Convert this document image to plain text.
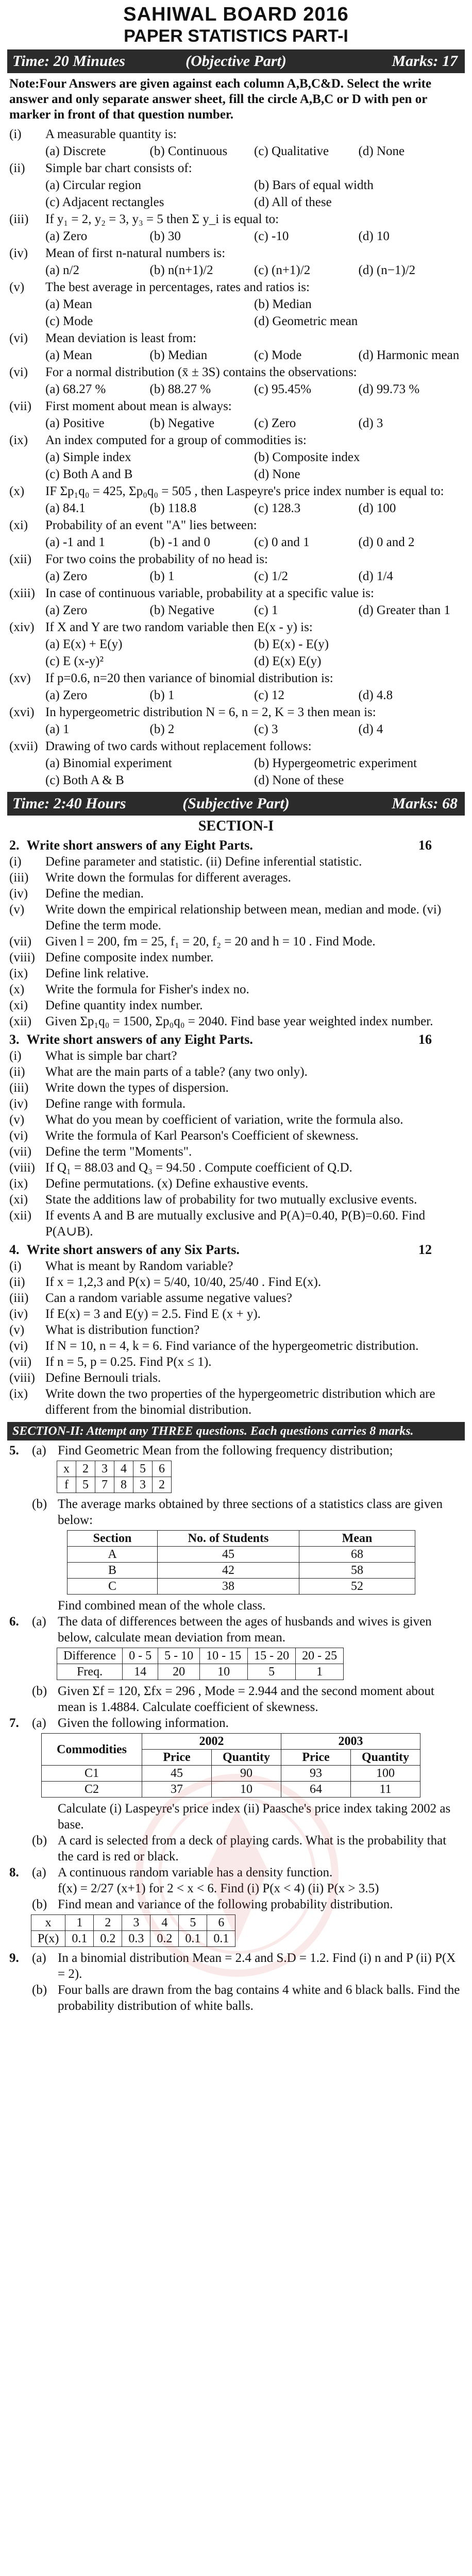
SAHIWAL BOARD 2016
PAPER STATISTICS PART-I
Time: 20 Minutes	(Objective Part)	Marks: 17
Note:Four Answers are given against each column A,B,C&D. Select the write answer and only separate answer sheet, fill the circle A,B,C or D with pen or marker in front of that question number.
(i)	A measurable quantity is:
(a) Discrete	(b) Continuous	(c) Qualitative	(d) None
(ii)	Simple bar chart consists of:
(a) Circular region	(b) Bars of equal width
(c) Adjacent rectangles	(d) All of these
(iii)	If y₁ = 2, y₂ = 3, y₃ = 5 then Σ y_i is equal to:
(a) Zero	(b) 30	(c) -10	(d) 10
(iv)	Mean of first n-natural numbers is:
(a) n/2	(b) n(n+1)/2	(c) (n+1)/2	(d) (n−1)/2
(v)	The best average in percentages, rates and ratios is:
(a) Mean	(b) Median
(c) Mode	(d) Geometric mean
(vi)	Mean deviation is least from:
(a) Mean	(b) Median	(c) Mode	(d) Harmonic mean
(vi)	For a normal distribution (x̄ ± 3S) contains the observations:
(a) 68.27 %	(b) 88.27 %	(c) 95.45%	(d) 99.73 %
(vii)	First moment about mean is always:
(a) Positive	(b) Negative	(c) Zero	(d) 3
(ix)	An index computed for a group of commodities is:
(a) Simple index	(b) Composite index
(c) Both A and B	(d) None
(x)	IF Σp₁q₀ = 425, Σp₀q₀ = 505 , then Laspeyre's price index number is equal to:
(a) 84.1	(b) 118.8	(c) 128.3	(d) 100
(xi)	Probability of an event "A" lies between:
(a) -1 and 1	(b) -1 and 0	(c) 0 and 1	(d) 0 and 2
(xii)	For two coins the probability of no head is:
(a) Zero	(b) 1	(c) 1/2	(d) 1/4
(xiii) In case of continuous variable, probability at a specific value is:
(a) Zero	(b) Negative	(c) 1	(d) Greater than 1
(xiv) If X and Y are two random variable then E(x - y) is:
(a) E(x) + E(y)	(b) E(x) - E(y)
(c) E (x-y)²	(d) E(x) E(y)
(xv)	If p=0.6, n=20 then variance of binomial distribution is:
(a) Zero	(b) 1	(c) 12	(d) 4.8
(xvi) In hypergeometric distribution N = 6, n = 2, K = 3 then mean is:
(a) 1	(b) 2	(c) 3	(d) 4
(xvii) Drawing of two cards without replacement follows:
(a) Binomial experiment	(b) Hypergeometric experiment
(c) Both A & B	(d) None of these
Time: 2:40 Hours	(Subjective Part)	Marks: 68
SECTION-I
2. Write short answers of any Eight Parts.	16
(i)	Define parameter and statistic. (ii) Define inferential statistic.
(iii)	Write down the formulas for different averages.
(iv)	Define the median.
(v)	Write down the empirical relationship between mean, median and mode. (vi) Define the term mode.
(vii)	Given l = 200, fm = 25, f₁ = 20, f₂ = 20 and h = 10 . Find Mode.
(viii) Define composite index number.
(ix)	Define link relative.
(x)	Write the formula for Fisher's index no.
(xi)	Define quantity index number.
(xii)	Given Σp₁q₀ = 1500, Σp₀q₀ = 2040. Find base year weighted index number.
3. Write short answers of any Eight Parts.	16
(i)	What is simple bar chart?
(ii)	What are the main parts of a table? (any two only).
(iii)	Write down the types of dispersion.
(iv)	Define range with formula.
(v)	What do you mean by coefficient of variation, write the formula also.
(vi)	Write the formula of Karl Pearson's Coefficient of skewness.
(vii)	Define the term "Moments".
(viii) If Q₁ = 88.03 and Q₃ = 94.50 . Compute coefficient of Q.D.
(ix)	Define permutations. (x) Define exhaustive events.
(xi)	State the additions law of probability for two mutually exclusive events.
(xii)	If events A and B are mutually exclusive and P(A)=0.40, P(B)=0.60. Find P(A∪B).
4. Write short answers of any Six Parts.	12
(i)	What is meant by Random variable?
(ii)	If x = 1,2,3 and P(x) = 5/40, 10/40, 25/40 . Find E(x).
(iii)	Can a random variable assume negative values?
(iv)	If E(x) = 3 and E(y) = 2.5. Find E (x + y).
(v)	What is distribution function?
(vi)	If N = 10, n = 4, k = 6. Find variance of the hypergeometric distribution.
(vii)	If n = 5, p = 0.25. Find P(x ≤ 1).
(viii) Define Bernouli trials.
(ix)	Write down the two properties of the hypergeometric distribution which are different from the binomial distribution.
SECTION-II: Attempt any THREE questions. Each questions carries 8 marks.
5.	(a) Find Geometric Mean from the following frequency distribution;
x	2	3	4	5	6
f	5	7	8	3	2
(b) The average marks obtained by three sections of a statistics class are given below:
Section	No. of Students	Mean
A	45	68
B	42	58
C	38	52
Find combined mean of the whole class.
6.	(a) The data of differences between the ages of husbands and wives is given below, calculate mean deviation from mean.
Difference	0 - 5	5 - 10	10 - 15	15 - 20	20 - 25
Freq.	14	20	10	5	1
(b) Given Σf = 120, Σfx = 296 , Mode = 2.944 and the second moment about mean is 1.4884. Calculate coefficient of skewness.
7.	(a) Given the following information.
Commodities	2002		2003	
	Price	Quantity	Price	Quantity
C1	45	90	93	100
C2	37	10	64	11
Calculate (i) Laspeyre's price index (ii) Paasche's price index taking 2002 as base.
(b) A card is selected from a deck of playing cards. What is the probability that the card is red or black.
8.	(a) A continuous random variable has a density function.
f(x) = 2/27 (x+1) for 2 < x < 6. Find (i) P(x < 4) (ii) P(x > 3.5)
(b) Find mean and variance of the following probability distribution.
x	1	2	3	4	5	6
P(x)	0.1	0.2	0.3	0.2	0.1	0.1
9.	(a) In a binomial distribution Mean = 2.4 and S.D = 1.2. Find (i) n and P (ii) P(X = 2).
(b) Four balls are drawn from the bag contains 4 white and 6 black balls. Find the probability distribution of white balls.
